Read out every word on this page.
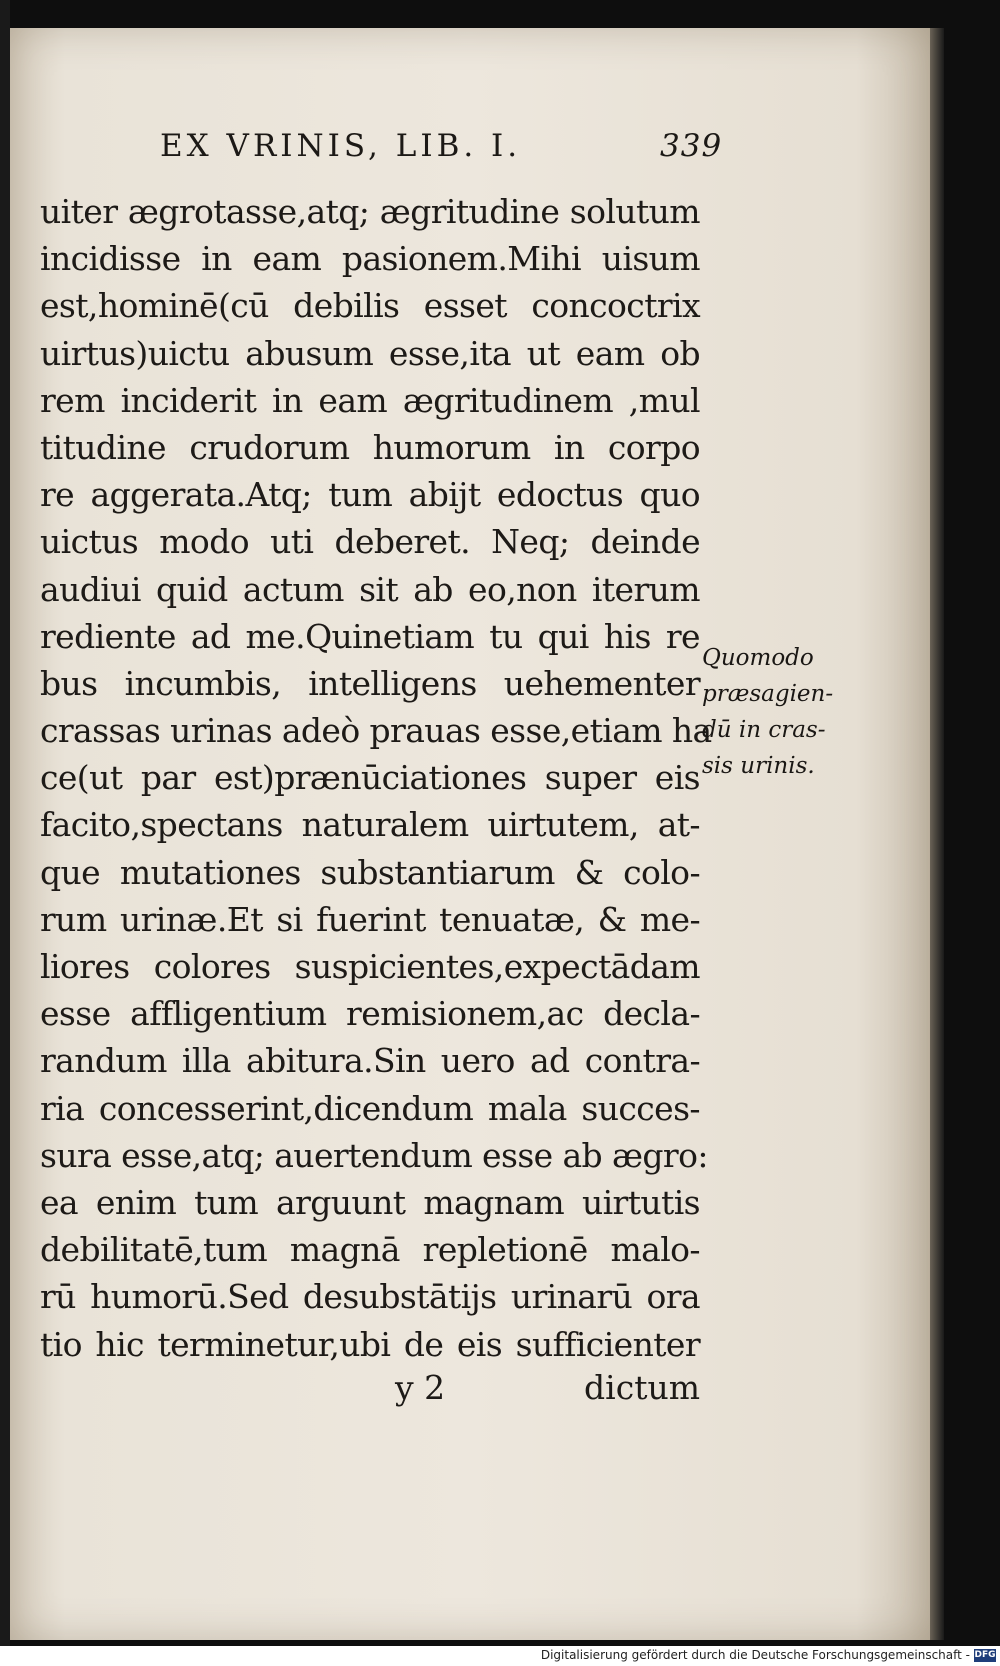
EX VRINIS, LIB. I.	339
uiter ægrotasse,atq; ægritudine solutum
incidisse in eam pasionem.Mihi uisum
est,hominē(cū debilis esset concoctrix
uirtus)uictu abusum esse,ita ut eam ob
rem inciderit in eam ægritudinem ,mul
titudine crudorum humorum in corpo
re aggerata.Atq; tum abijt edoctus quo
uictus modo uti deberet. Neq; deinde
audiui quid actum sit ab eo,non iterum
rediente ad me.Quinetiam tu qui his re
bus incumbis, intelligens uehementer
crassas urinas adeò prauas esse,etiam ha
ce(ut par est)prænūciationes super eis
facito,spectans naturalem uirtutem, at-
que mutationes substantiarum & colo-
rum urinæ.Et si fuerint tenuatæ, & me-
liores colores suspicientes,expectādam
esse affligentium remisionem,ac decla-
randum illa abitura.Sin uero ad contra-
ria concesserint,dicendum mala succes-
sura esse,atq; auertendum esse ab ægro:
ea enim tum arguunt magnam uirtutis
debilitatē,tum magnā repletionē malo-
rū humorū.Sed desubstātijs urinarū ora
tio hic terminetur,ubi de eis sufficienter
Quomodo
præsagien-
dū in cras-
sis urinis.
y 2	dictum
Digitalisierung gefördert durch die Deutsche Forschungsgemeinschaft - DFG
